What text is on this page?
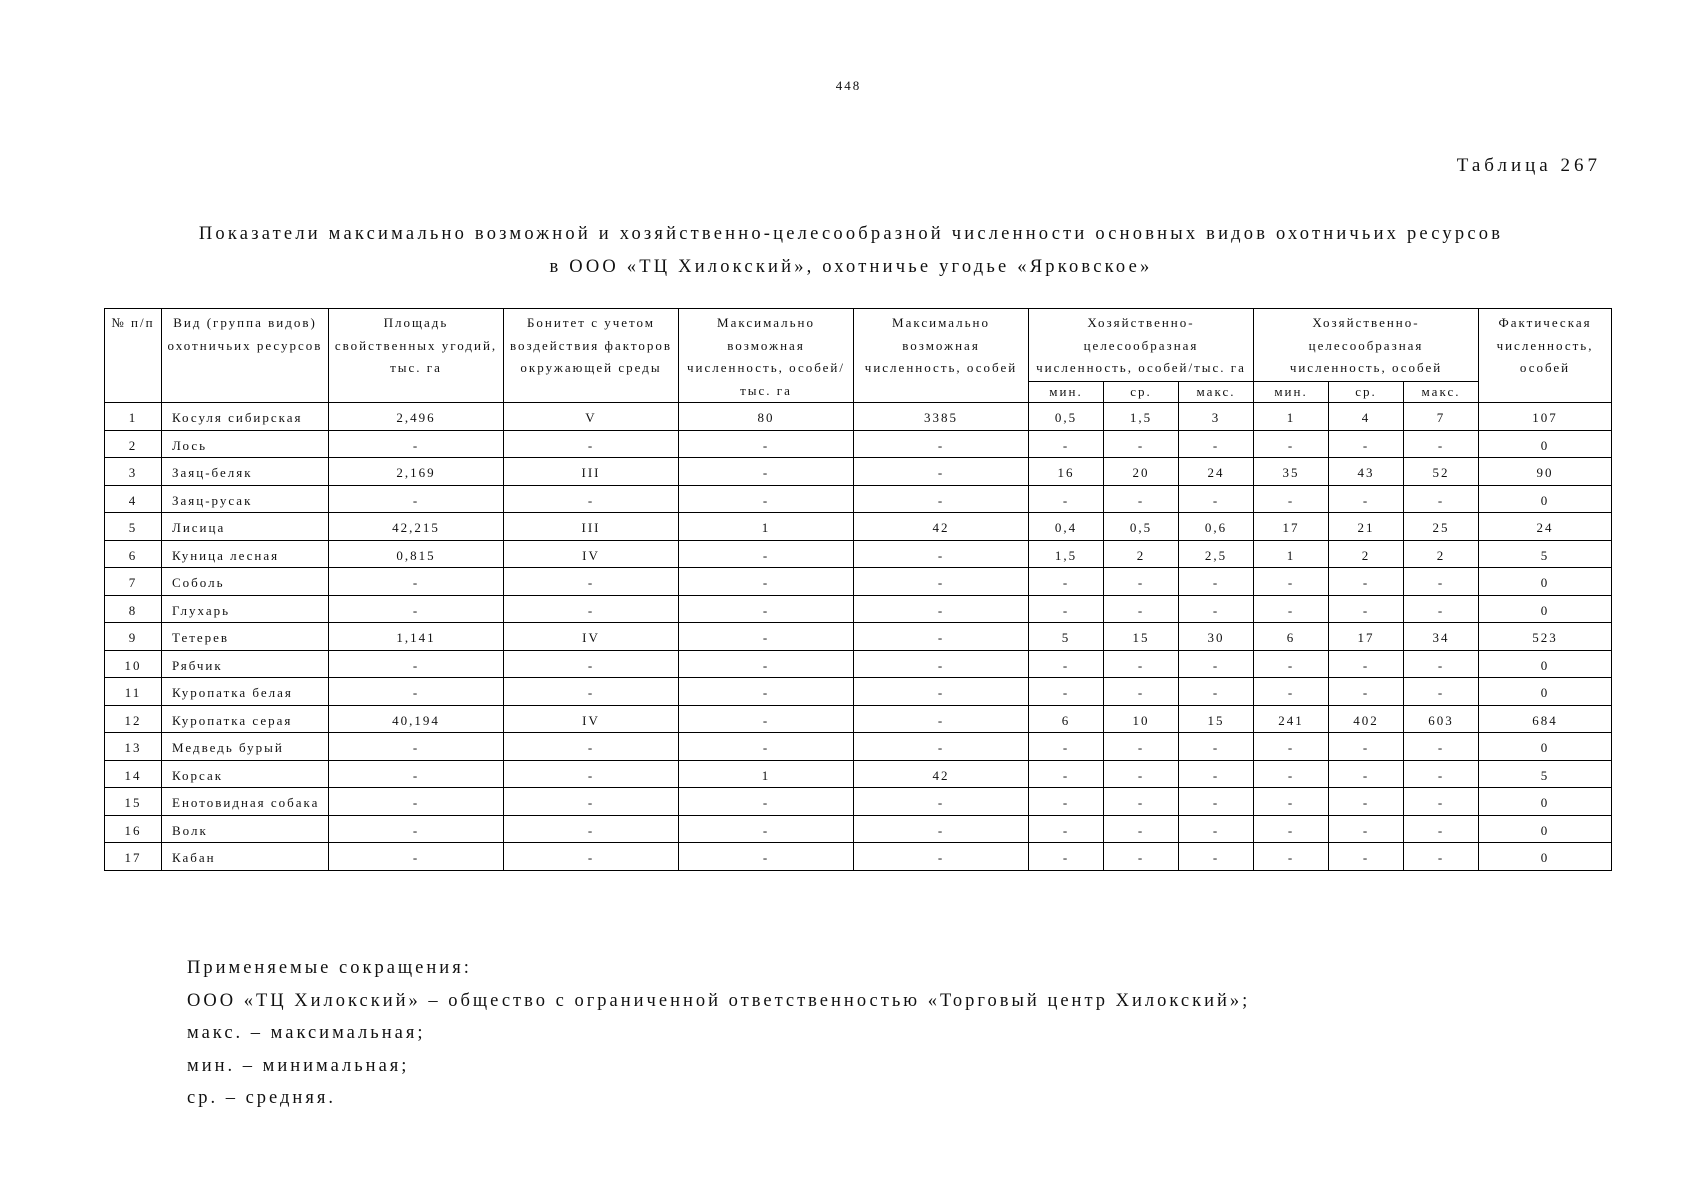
448
Таблица 267
Показатели максимально возможной и хозяйственно-целесообразной численности основных видов охотничьих ресурсов
в ООО «ТЦ Хилокский», охотничье угодье «Ярковское»
№ п/п	Вид (группа видов) охотничьих ресурсов	Площадь свойственных угодий, тыс. га	Бонитет с учетом воздействия факторов окружающей среды	Максимально возможная численность, особей/тыс. га	Максимально возможная численность, особей	Хозяйственно-целесообразная численность, особей/тыс. га			Хозяйственно-целесообразная численность, особей			Фактическая численность, особей
						мин.	ср.	макс.	мин.	ср.	макс.	
1	Косуля сибирская	2,496	V	80	3385	0,5	1,5	3	1	4	7	107
2	Лось	-	-	-	-	-	-	-	-	-	-	0
3	Заяц-беляк	2,169	III	-	-	16	20	24	35	43	52	90
4	Заяц-русак	-	-	-	-	-	-	-	-	-	-	0
5	Лисица	42,215	III	1	42	0,4	0,5	0,6	17	21	25	24
6	Куница лесная	0,815	IV	-	-	1,5	2	2,5	1	2	2	5
7	Соболь	-	-	-	-	-	-	-	-	-	-	0
8	Глухарь	-	-	-	-	-	-	-	-	-	-	0
9	Тетерев	1,141	IV	-	-	5	15	30	6	17	34	523
10	Рябчик	-	-	-	-	-	-	-	-	-	-	0
11	Куропатка белая	-	-	-	-	-	-	-	-	-	-	0
12	Куропатка серая	40,194	IV	-	-	6	10	15	241	402	603	684
13	Медведь бурый	-	-	-	-	-	-	-	-	-	-	0
14	Корсак	-	-	1	42	-	-	-	-	-	-	5
15	Енотовидная собака	-	-	-	-	-	-	-	-	-	-	0
16	Волк	-	-	-	-	-	-	-	-	-	-	0
17	Кабан	-	-	-	-	-	-	-	-	-	-	0
Применяемые сокращения:
ООО «ТЦ Хилокский» – общество с ограниченной ответственностью «Торговый центр Хилокский»;
макс. – максимальная;
мин. – минимальная;
ср. – средняя.
